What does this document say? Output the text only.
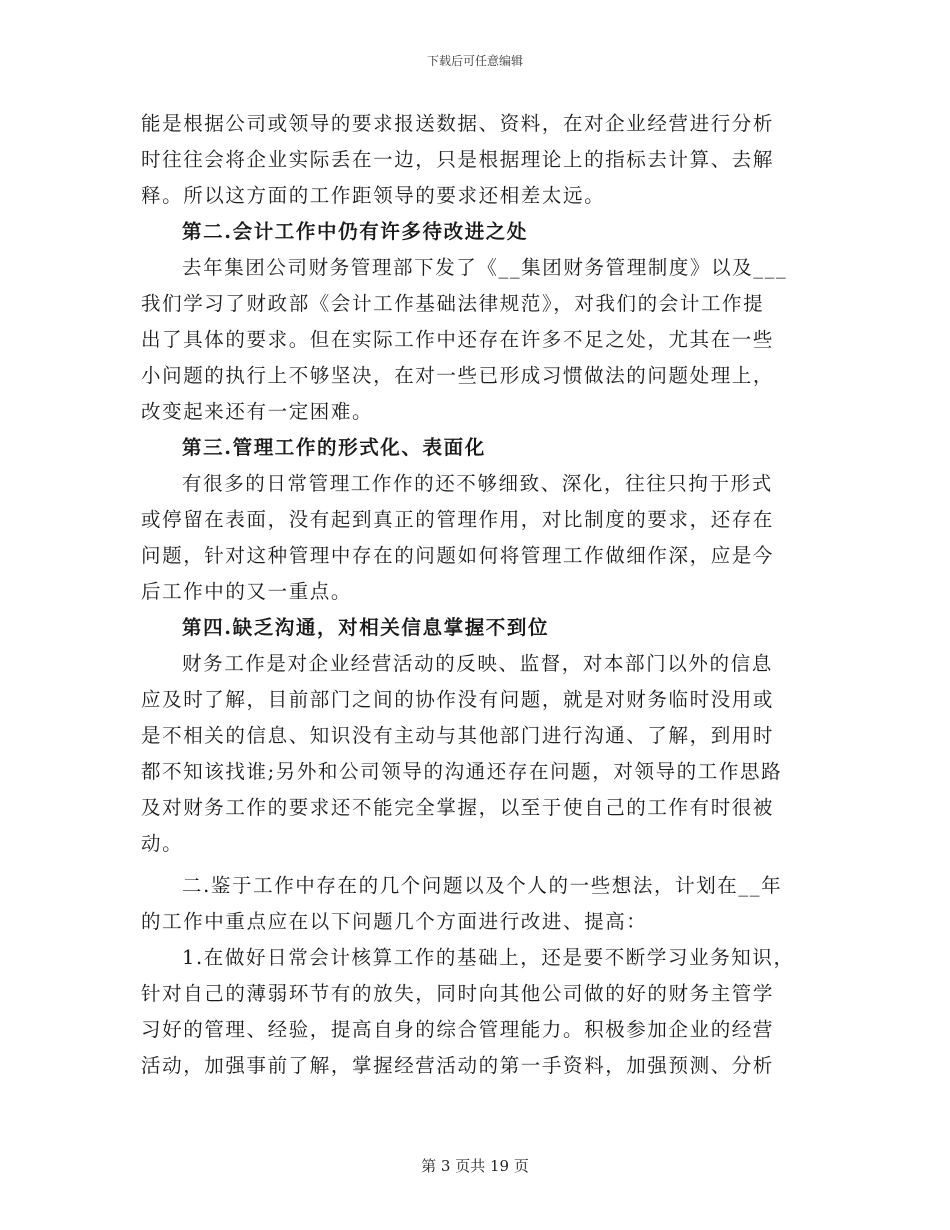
下载后可任意编辑

能是根据公司或领导的要求报送数据、资料，在对企业经营进行分析
时往往会将企业实际丢在一边，只是根据理论上的指标去计算、去解
释。所以这方面的工作距领导的要求还相差太远。

第二.会计工作中仍有许多待改进之处

去年集团公司财务管理部下发了《__集团财务管理制度》以及___
我们学习了财政部《会计工作基础法律规范》，对我们的会计工作提
出了具体的要求。但在实际工作中还存在许多不足之处，尤其在一些
小问题的执行上不够坚决，在对一些已形成习惯做法的问题处理上，
改变起来还有一定困难。

第三.管理工作的形式化、表面化

有很多的日常管理工作作的还不够细致、深化，往往只拘于形式
或停留在表面，没有起到真正的管理作用，对比制度的要求，还存在
问题，针对这种管理中存在的问题如何将管理工作做细作深，应是今
后工作中的又一重点。

第四.缺乏沟通，对相关信息掌握不到位

财务工作是对企业经营活动的反映、监督，对本部门以外的信息
应及时了解，目前部门之间的协作没有问题，就是对财务临时没用或
是不相关的信息、知识没有主动与其他部门进行沟通、了解，到用时
都不知该找谁;另外和公司领导的沟通还存在问题，对领导的工作思路
及对财务工作的要求还不能完全掌握，以至于使自己的工作有时很被
动。

二.鉴于工作中存在的几个问题以及个人的一些想法，计划在__年
的工作中重点应在以下问题几个方面进行改进、提高：

1.在做好日常会计核算工作的基础上，还是要不断学习业务知识，
针对自己的薄弱环节有的放失，同时向其他公司做的好的财务主管学
习好的管理、经验，提高自身的综合管理能力。积极参加企业的经营
活动，加强事前了解，掌握经营活动的第一手资料，加强预测、分析

第 3 页共 19 页
